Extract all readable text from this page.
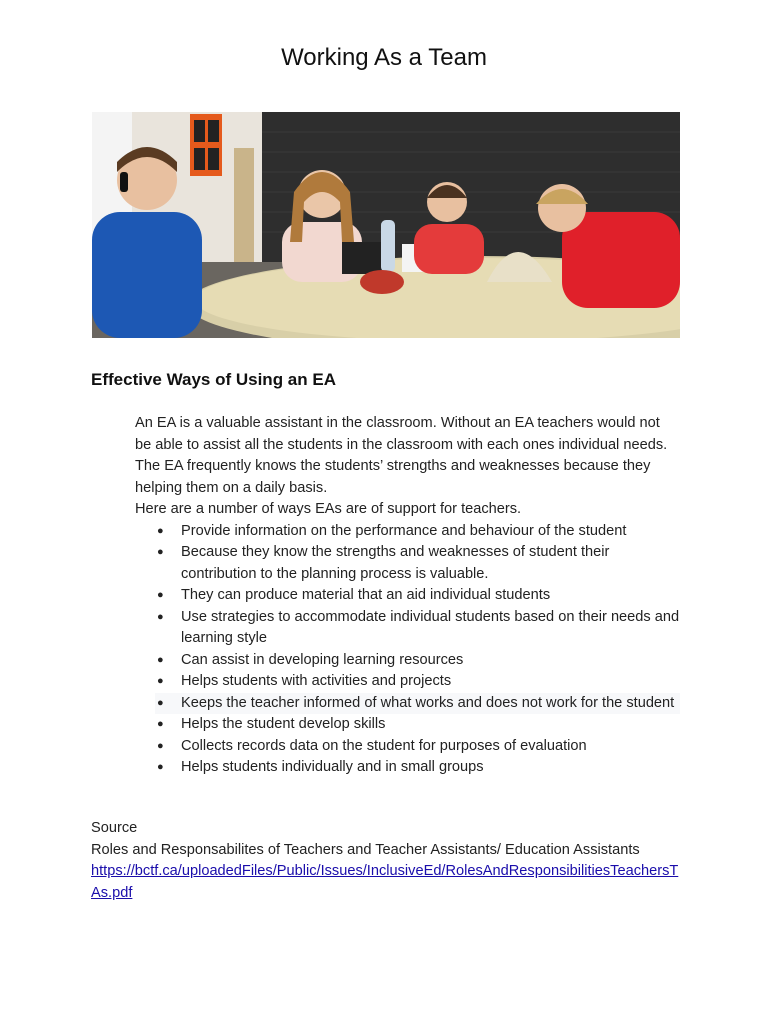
Working As a Team
Effective Ways of Using an EA

An EA is a valuable assistant in the classroom. Without an EA teachers would not be able to assist all the students in the classroom with each ones individual needs. The EA frequently knows the students’ strengths and weaknesses because they helping them on a daily basis.

Here are a number of ways EAs are of support for teachers.

● Provide information on the performance and behaviour of the student
● Because they know the strengths and weaknesses of student their contribution to the planning process is valuable.
● They can produce material that an aid individual students
● Use strategies to accommodate individual students based on their needs and learning style
● Can assist in developing learning resources
● Helps students with activities and projects
● Keeps the teacher informed of what works and does not work for the student
● Helps the student develop skills
● Collects records data on the student for purposes of evaluation
● Helps students individually and in small groups
Source
Roles and Responsabilites of Teachers and Teacher Assistants/ Education Assistants
https://bctf.ca/uploadedFiles/Public/Issues/InclusiveEd/RolesAndResponsibilitiesTeachersTAs.pdf
